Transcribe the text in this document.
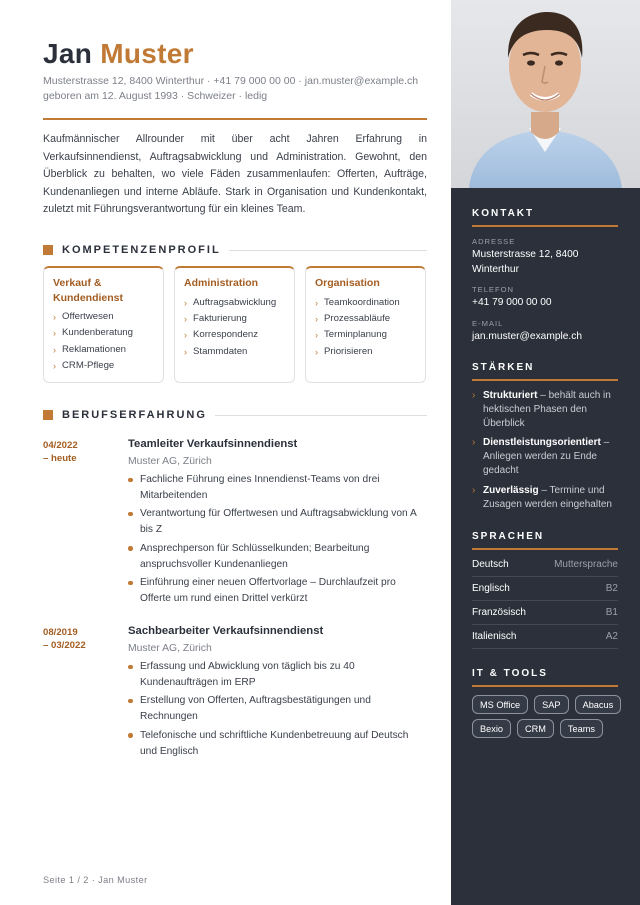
Jan Muster
Musterstrasse 12, 8400 Winterthur · +41 79 000 00 00 · jan.muster@example.ch
geboren am 12. August 1993 · Schweizer · ledig
Kaufmännischer Allrounder mit über acht Jahren Erfahrung in Verkaufsinnendienst, Auftragsabwicklung und Administration. Gewohnt, den Überblick zu behalten, wo viele Fäden zusammenlaufen: Offerten, Aufträge, Kundenanliegen und interne Abläufe. Stark in Organisation und Kundenkontakt, zuletzt mit Führungsverantwortung für ein kleines Team.
KOMPETENZENPROFIL
Verkauf & Kundendienst
› Offertwesen
› Kundenberatung
› Reklamationen
› CRM-Pflege
Administration
› Auftragsabwicklung
› Fakturierung
› Korrespondenz
› Stammdaten
Organisation
› Teamkoordination
› Prozessabläufe
› Terminplanung
› Priorisieren
BERUFSERFAHRUNG
04/2022
– heute
Teamleiter Verkaufsinnendienst
Muster AG, Zürich
Fachliche Führung eines Innendienst-Teams von drei Mitarbeitenden
Verantwortung für Offertwesen und Auftragsabwicklung von A bis Z
Ansprechperson für Schlüsselkunden; Bearbeitung anspruchsvoller Kundenanliegen
Einführung einer neuen Offertvorlage – Durchlaufzeit pro Offerte um rund einen Drittel verkürzt
08/2019
– 03/2022
Sachbearbeiter Verkaufsinnendienst
Muster AG, Zürich
Erfassung und Abwicklung von täglich bis zu 40 Kundenaufträgen im ERP
Erstellung von Offerten, Auftragsbestätigungen und Rechnungen
Telefonische und schriftliche Kundenbetreuung auf Deutsch und Englisch
Seite 1 / 2 · Jan Muster
KONTAKT
ADRESSE
Musterstrasse 12, 8400
Winterthur
TELEFON
+41 79 000 00 00
E-MAIL
jan.muster@example.ch
STÄRKEN
› Strukturiert – behält auch in hektischen Phasen den Überblick
› Dienstleistungsorientiert – Anliegen werden zu Ende gedacht
› Zuverlässig – Termine und Zusagen werden eingehalten
SPRACHEN
Deutsch	Muttersprache
Englisch	B2
Französisch	B1
Italienisch	A2
IT & TOOLS
MS Office	SAP	Abacus
Bexio	CRM	Teams
